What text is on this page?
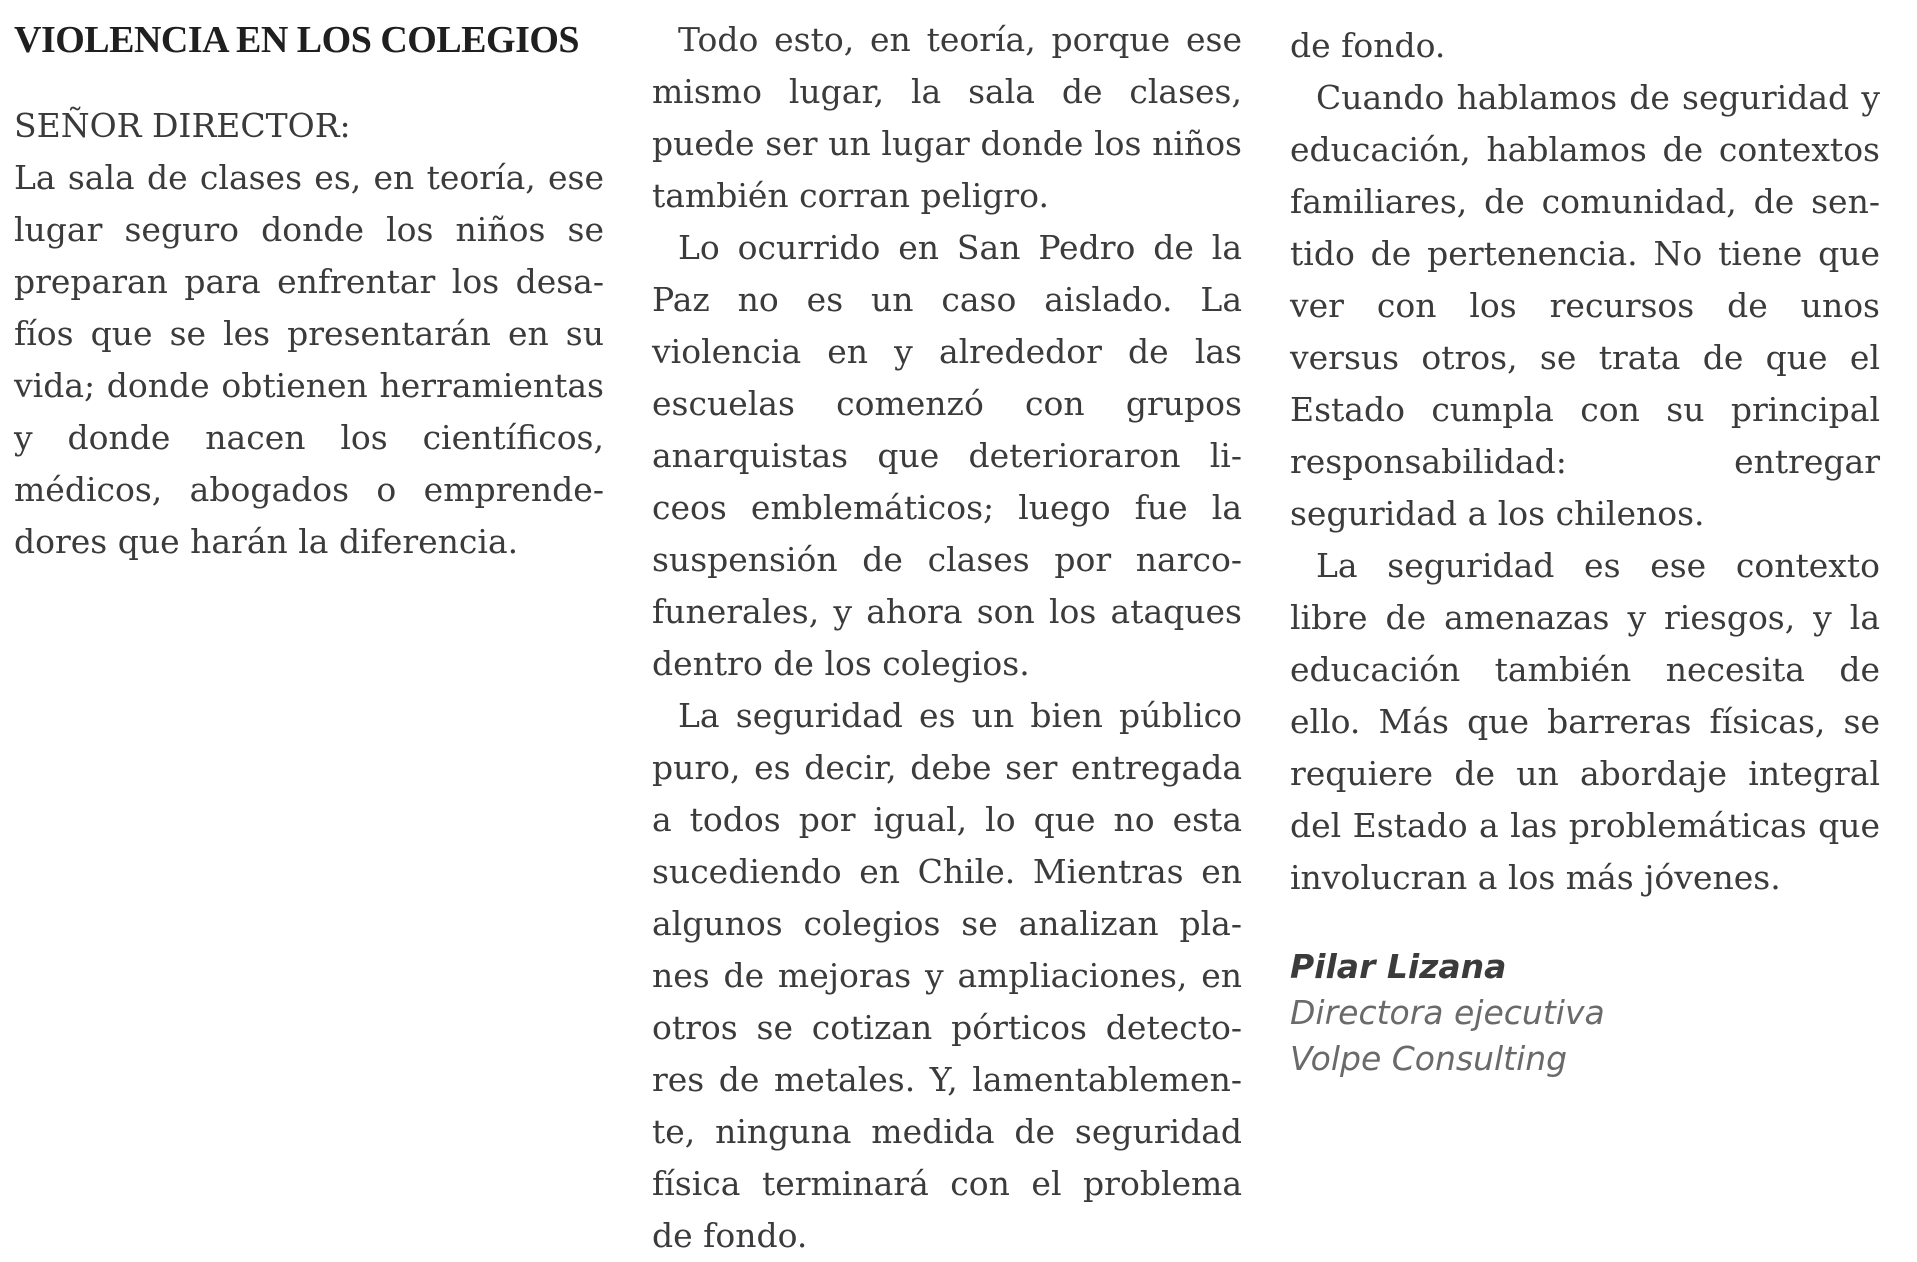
VIOLENCIA EN LOS COLEGIOS

SEÑOR DIRECTOR:

La sala de clases es, en teoría, ese lugar seguro donde los niños se preparan para enfrentar los desafíos que se les presentarán en su vida; donde obtienen herramientas y donde nacen los científicos, médicos, abogados o emprendedores que harán la diferencia.

Todo esto, en teoría, porque ese mismo lugar, la sala de clases, puede ser un lugar donde los niños también corran peligro.

Lo ocurrido en San Pedro de la Paz no es un caso aislado. La violencia en y alrededor de las escuelas comenzó con grupos anarquistas que deterioraron liceos emblemáticos; luego fue la suspensión de clases por narcofunerales, y ahora son los ataques dentro de los colegios.

La seguridad es un bien público puro, es decir, debe ser entregada a todos por igual, lo que no esta sucediendo en Chile. Mientras en algunos colegios se analizan planes de mejoras y ampliaciones, en otros se cotizan pórticos detectores de metales. Y, lamentablemente, ninguna medida de seguridad física terminará con el problema de fondo.

de fondo.

Cuando hablamos de seguridad y educación, hablamos de contextos familiares, de comunidad, de sentido de pertenencia. No tiene que ver con los recursos de unos versus otros, se trata de que el Estado cumpla con su principal responsabilidad: entregar seguridad a los chilenos.

La seguridad es ese contexto libre de amenazas y riesgos, y la educación también necesita de ello. Más que barreras físicas, se requiere de un abordaje integral del Estado a las problemáticas que involucran a los más jóvenes.

Pilar Lizana
Directora ejecutiva
Volpe Consulting
